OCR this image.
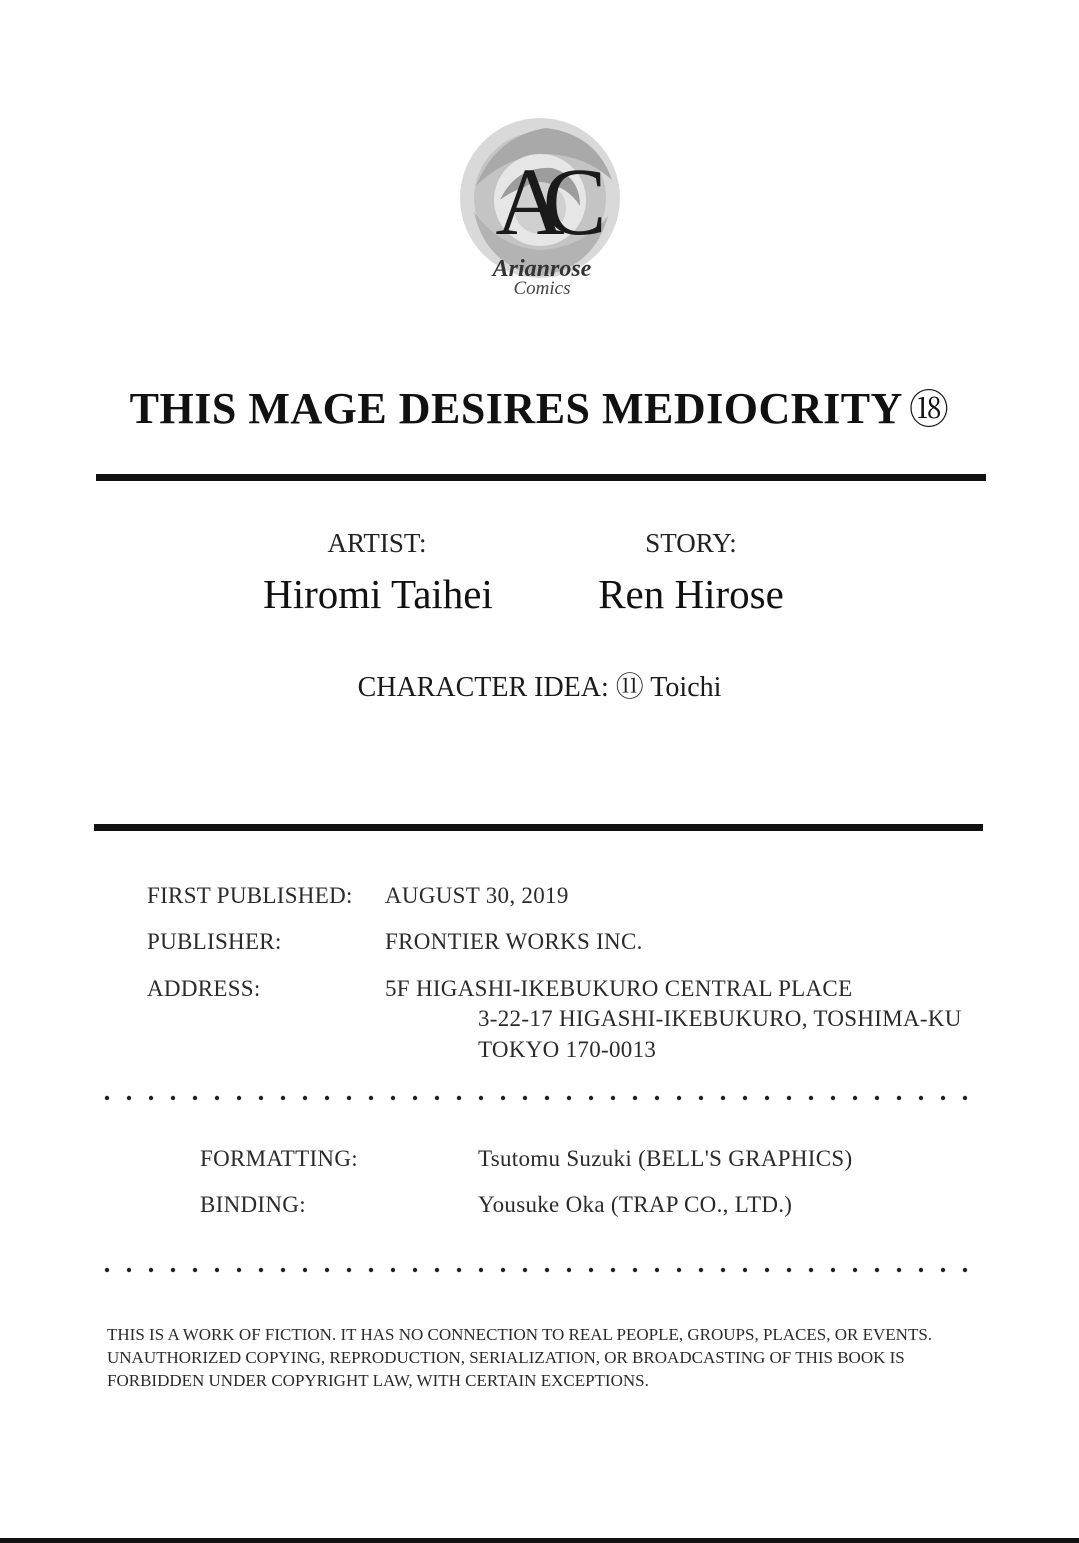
AC
Arianrose
Comics
THIS MAGE DESIRES MEDIOCRITY ⑱
ARTIST:	STORY:
Hiromi Taihei	Ren Hirose
CHARACTER IDEA: ⑪ Toichi
FIRST PUBLISHED: AUGUST 30, 2019
PUBLISHER:	FRONTIER WORKS INC.
ADDRESS:	5F HIGASHI-IKEBUKURO CENTRAL PLACE
3-22-17 HIGASHI-IKEBUKURO, TOSHIMA-KU
TOKYO 170-0013
FORMATTING:	Tsutomu Suzuki (BELL'S GRAPHICS)
BINDING:	Yousuke Oka (TRAP CO., LTD.)
THIS IS A WORK OF FICTION. IT HAS NO CONNECTION TO REAL PEOPLE, GROUPS, PLACES, OR EVENTS.
UNAUTHORIZED COPYING, REPRODUCTION, SERIALIZATION, OR BROADCASTING OF THIS BOOK IS
FORBIDDEN UNDER COPYRIGHT LAW, WITH CERTAIN EXCEPTIONS.
